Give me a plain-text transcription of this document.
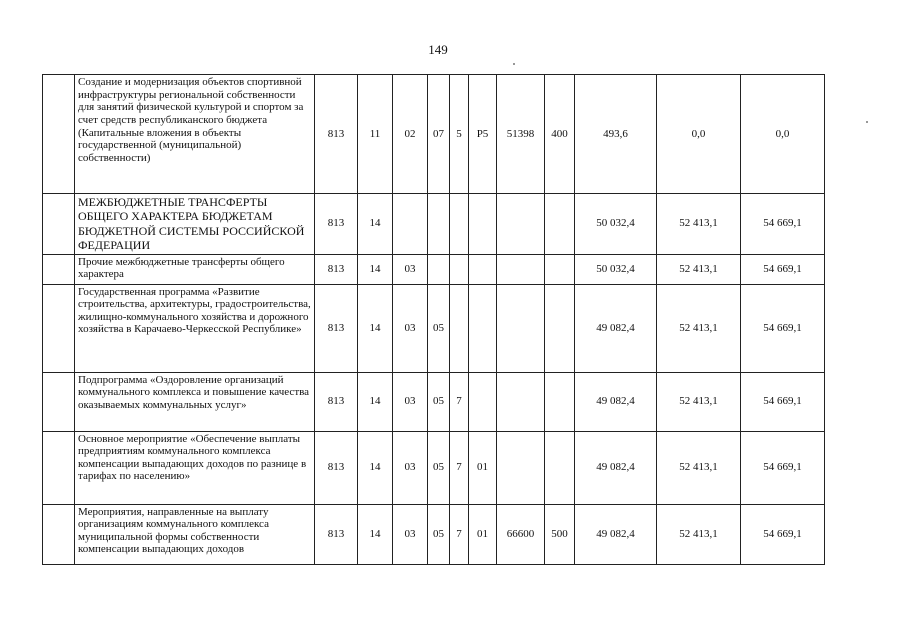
149
	Создание и модернизация объектов спортивной инфраструктуры региональной собственности для занятий физической культурой и спортом за счет средств республиканского бюджета (Капитальные вложения в объекты государственной (муниципальной) собственности)	813	11	02	07	5	Р5	51398	400	493,6	0,0	0,0
	МЕЖБЮДЖЕТНЫЕ ТРАНСФЕРТЫ ОБЩЕГО ХАРАКТЕРА БЮДЖЕТАМ БЮДЖЕТНОЙ СИСТЕМЫ РОССИЙСКОЙ ФЕДЕРАЦИИ	813	14							50 032,4	52 413,1	54 669,1
	Прочие межбюджетные трансферты общего характера	813	14	03						50 032,4	52 413,1	54 669,1
	Государственная программа «Развитие строительства, архитектуры, градостроительства, жилищно-коммунального хозяйства и дорожного хозяйства в Карачаево-Черкесской Республике»	813	14	03	05					49 082,4	52 413,1	54 669,1
	Подпрограмма «Оздоровление организаций коммунального комплекса и повышение качества оказываемых коммунальных услуг»	813	14	03	05	7				49 082,4	52 413,1	54 669,1
	Основное мероприятие «Обеспечение выплаты предприятиям коммунального комплекса компенсации выпадающих доходов по разнице в тарифах по населению»	813	14	03	05	7	01			49 082,4	52 413,1	54 669,1
	Мероприятия, направленные на выплату организациям коммунального комплекса муниципальной формы собственности компенсации выпадающих доходов	813	14	03	05	7	01	66600	500	49 082,4	52 413,1	54 669,1
